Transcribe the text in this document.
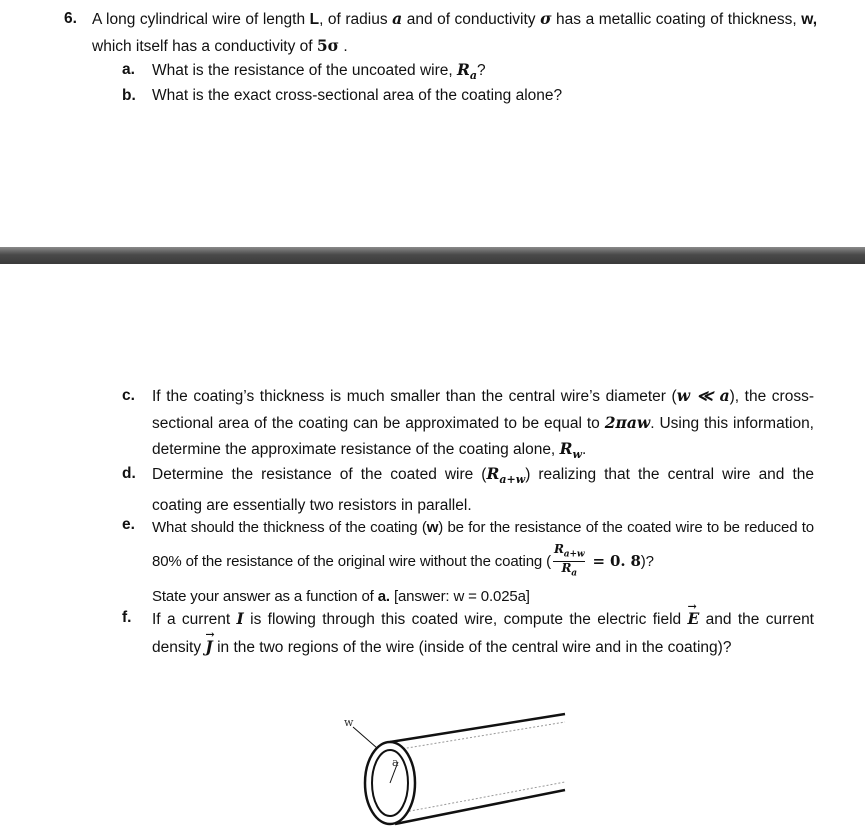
6. A long cylindrical wire of length L, of radius a and of conductivity σ has a metallic coating of thickness, w, which itself has a conductivity of 5σ .
a. What is the resistance of the uncoated wire, $R_a$?
b. What is the exact cross-sectional area of the coating alone?
c. If the coating’s thickness is much smaller than the central wire’s diameter (w ≪ a), the cross-sectional area of the coating can be approximated to be equal to 2πaw. Using this information, determine the approximate resistance of the coating alone, $R_w$.
d. Determine the resistance of the coated wire $(R_{a+w})$ realizing that the central wire and the coating are essentially two resistors in parallel.
e. What should the thickness of the coating (w) be for the resistance of the coated wire to be reduced to 80% of the resistance of the original wire without the coating ( $\frac{R_{a+w}}{R_a} = 0$. 8)?
State your answer as a function of a. [answer: w = 0.025a]
f. If a current I is flowing through this coated wire, compute the electric field → E and the current density → J in the two regions of the wire (inside of the central wire and in the coating)?
w
a
